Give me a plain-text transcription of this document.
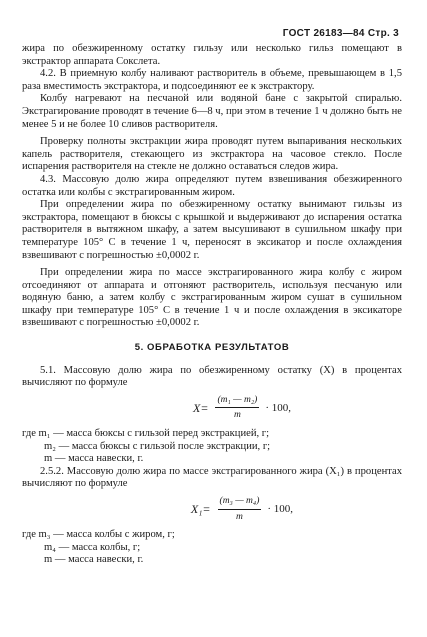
ГОСТ 26183—84 Стр. 3

жира по обезжиренному остатку гильзу или несколько гильз помещают в экстрактор аппарата Сокслета.

4.2. В приемную колбу наливают растворитель в объеме, превышающем в 1,5 раза вместимость экстрактора, и подсоединяют ее к экстрактору.

Колбу нагревают на песчаной или водяной бане с закрытой спиралью. Экстрагирование проводят в течение 6—8 ч, при этом в течение 1 ч должно быть не менее 5 и не более 10 сливов растворителя.

Проверку полноты экстракции жира проводят путем выпаривания нескольких капель растворителя, стекающего из экстрактора на часовое стекло. После испарения растворителя на стекле не должно оставаться следов жира.

4.3. Массовую долю жира определяют путем взвешивания обезжиренного остатка или колбы с экстрагированным жиром.

При определении жира по обезжиренному остатку вынимают гильзы из экстрактора, помещают в бюксы с крышкой и выдерживают до испарения остатка растворителя в вытяжном шкафу, а затем высушивают в сушильном шкафу при температуре 105° С в течение 1 ч, переносят в эксикатор и после охлаждения взвешивают с погрешностью ±0,0002 г.

При определении жира по массе экстрагированного жира колбу с жиром отсоединяют от аппарата и отгоняют растворитель, используя песчаную или водяную баню, а затем колбу с экстрагированным жиром сушат в сушильном шкафу при температуре 105° С в течение 1 ч и после охлаждения в эксикаторе взвешивают с погрешностью ±0,0002 г.

5. ОБРАБОТКА РЕЗУЛЬТАТОВ

5.1. Массовую долю жира по обезжиренному остатку (X) в процентах вычисляют по формуле

$X= \frac{\text{(m₁ — m₂)}}{m} \cdot 100$,

где m₁ — масса бюксы с гильзой перед экстракцией, г;

m₂ — масса бюксы с гильзой после экстракции, г;

m — масса навески, г.

2.5.2. Массовую долю жира по массе экстрагированного жира (X₁) в процентах вычисляют по формуле

$X_1= \frac{\text{(m₃ — m₄)}}{m} \cdot 100$,

где m₃ — масса колбы с жиром, г;

m₄ — масса колбы, г;

m — масса навески, г.
